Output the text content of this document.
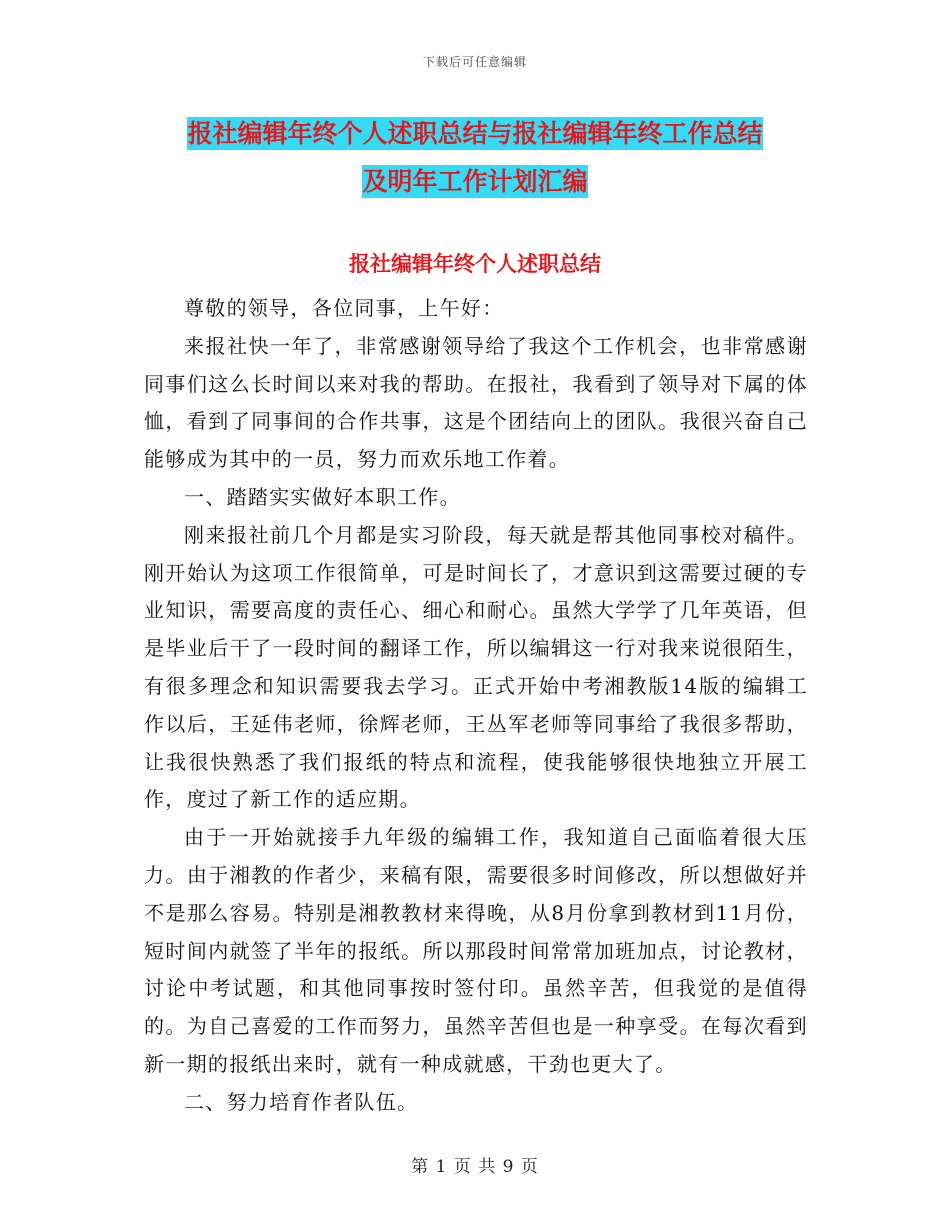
下载后可任意编辑
报社编辑年终个人述职总结与报社编辑年终工作总结
及明年工作计划汇编
报社编辑年终个人述职总结

尊敬的领导，各位同事，上午好：

来报社快一年了，非常感谢领导给了我这个工作机会，也非常感谢同事们这么长时间以来对我的帮助。在报社，我看到了领导对下属的体恤，看到了同事间的合作共事，这是个团结向上的团队。我很兴奋自己能够成为其中的一员，努力而欢乐地工作着。

一、踏踏实实做好本职工作。

刚来报社前几个月都是实习阶段，每天就是帮其他同事校对稿件。刚开始认为这项工作很简单，可是时间长了，才意识到这需要过硬的专业知识，需要高度的责任心、细心和耐心。虽然大学学了几年英语，但是毕业后干了一段时间的翻译工作，所以编辑这一行对我来说很陌生，有很多理念和知识需要我去学习。正式开始中考湘教版14版的编辑工作以后，王延伟老师，徐辉老师，王丛军老师等同事给了我很多帮助，让我很快熟悉了我们报纸的特点和流程，使我能够很快地独立开展工作，度过了新工作的适应期。

由于一开始就接手九年级的编辑工作，我知道自己面临着很大压力。由于湘教的作者少，来稿有限，需要很多时间修改，所以想做好并不是那么容易。特别是湘教教材来得晚，从8月份拿到教材到11月份，短时间内就签了半年的报纸。所以那段时间常常加班加点，讨论教材，讨论中考试题，和其他同事按时签付印。虽然辛苦，但我觉的是值得的。为自己喜爱的工作而努力，虽然辛苦但也是一种享受。在每次看到新一期的报纸出来时，就有一种成就感，干劲也更大了。

二、努力培育作者队伍。

第 1 页 共 9 页
